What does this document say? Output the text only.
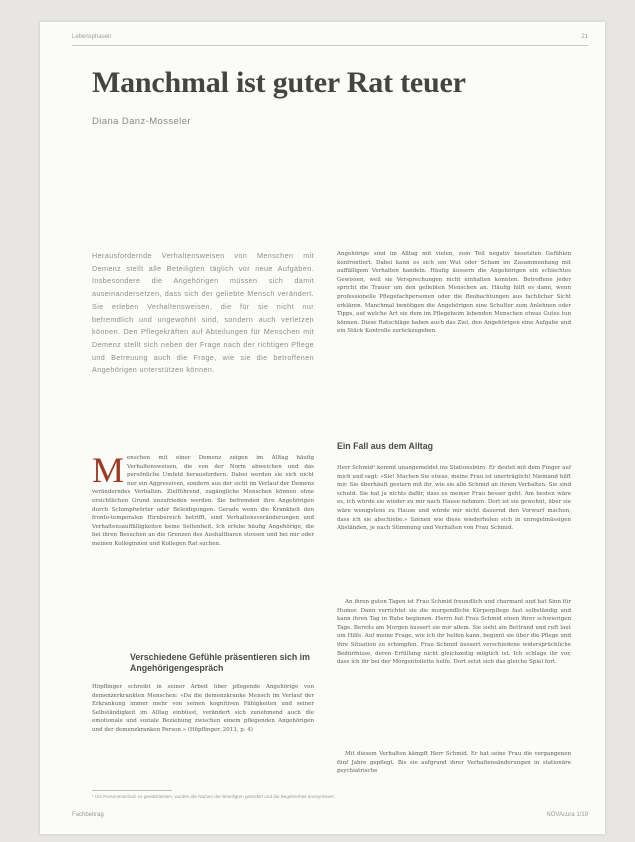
Lebensphasen	21
Manchmal ist guter Rat teuer
Diana Danz-Mosseler
Herausfordernde Verhaltensweisen von Menschen mit Demenz stellt alle Beteiligten täglich vor neue Aufgaben. Insbesondere die Angehörigen müssen sich damit auseinandersetzen, dass sich der geliebte Mensch verändert. Sie erleben Verhaltensweisen, die für sie nicht nur befremdlich und ungewohnt sind, sondern auch verletzen können. Den Pflegekräften auf Abteilungen für Menschen mit Demenz stellt sich neben der Frage nach der richtigen Pflege und Betreuung auch die Frage, wie sie die betroffenen Angehörigen unterstützen können.
M enschen mit einer Demenz zeigen im Alltag häufig Verhaltensweisen, die von der Norm abweichen und das persönliche Umfeld herausfordern. Dabei werden sie sich nicht nur ein Aggressiven, sondern aus der sicht im Verlauf der Demenz veränderndes Verhalten. Zielführend, zugängliche Menschen können ohne ersichtlichen Grund unzufrieden werden. Sie befremden ihre Angehörigen durch Schimpfwörter oder Beleidigungen. Gerade wenn die Krankheit den fronto-temporalen Hirnbereich betrifft, sind Verhaltensveränderungen und Verhaltensauffälligkeiten keine Seltenheit. Ich erlebe häufig Angehörige, die bei ihren Besuchen an die Grenzen des Aushaltbaren stossen und bei mir oder meinen Kolleginnen und Kollegen Rat suchen.
Verschiedene Gefühle präsentieren sich im Angehörigengespräch
Höpflinger schreibt in seiner Arbeit über pflegende Angehörige von demenzerkrankten Menschen: «Da die demenzkranke Mensch im Verlauf der Erkrankung immer mehr von seinen kognitiven Fähigkeiten und seiner Selbständigkeit im Alltag einbüsst, verändert sich zunehmend auch die emotionale und soziale Beziehung zwischen einem pflegenden Angehörigen und der demenzkranken Person.» (Höpflinger, 2013, p. 4)
Angehörige sind im Alltag mit vielen, zum Teil negativ besetzten Gefühlen konfrontiert. Dabei kann es sich um Wut oder Scham im Zusammenhang mit auffälligem Verhalten handeln. Häufig äussern die Angehörigen ein schlechtes Gewissen, weil sie Versprechungen nicht einhalten konnten. Betroffene jeder spricht die Trauer um den geliebten Menschen an. Häufig hilft es dann, wenn professionelle Pflegefachpersonen oder die Beobachtungen aus fachlicher Sicht erklären. Manchmal benötigen die Angehörigen eine Schulter zum Anlehnen oder Tipps, auf welche Art sie dem im Pflegeheim lebenden Menschen etwas Gutes tun können. Diese Ratschläge haben auch das Ziel, den Angehörigen eine Aufgabe und ein Stück Kontrolle zurückzugeben.
Ein Fall aus dem Alltag
Herr Schmid¹ kommt unangemeldet ins Stationsbüro. Er deutet mit dem Finger auf mich und sagt: «Sie! Machen Sie etwas, meine Frau ist unerträglich! Niemand hilft mir. Sie überhäuft gestern mit ihr, wie sie alle Schmid an ihrem Verhalten. Sie sind schuld. Sie hat ja nichts dafür, dass es meiner Frau besser geht. Am besten wäre es, ich würde sie wieder zu mir nach Hause nehmen. Dort ist sie gewohnt, über sie wäre wenigstens zu Hause und würde mir nicht dauernd den Vorwurf machen, dass ich sie abschiebe.» Szenen wie diese wiederholen sich in unregelmässigen Abständen, je nach Stimmung und Verhalten von Frau Schmid.
An ihren guten Tagen ist Frau Schmid freundlich und charmant und hat Sinn für Humor. Dann verrichtet sie die morgendliche Körperpflege fast selbständig und kann ihren Tag in Ruhe beginnen. Herrn hat Frau Schmid einen ihrer schwierigen Tage. Bereits am Morgen äussert sie mir allem. Sie sieht am Bettrand und ruft laut um Hilfe. Auf meine Frage, wie ich ihr helfen kann, beginnt sie über die Pflege und ihre Situation zu schimpfen. Frau Schmid äussert verschiedene widersprüchliche Bedürfnisse, deren Erfüllung nicht gleichzeitig möglich ist. Ich schlage ihr vor, dass ich ihr bei der Morgentoilette helfe. Dort setzt sich das gleiche Spiel fort.
Mit diesem Verhalten kämpft Herr Schmid. Er hat seine Frau die vergangenen fünf Jahre gepflegt. Bis sie aufgrund ihrer Verhaltensänderungen in stationäre psychiatrische
¹ Um Personenschutz zu gewährleisten, wurden die Namen der Beteiligten geändert und die Begebenheit anonymisiert.
Fachbeitrag	NOVAcura 1/19
